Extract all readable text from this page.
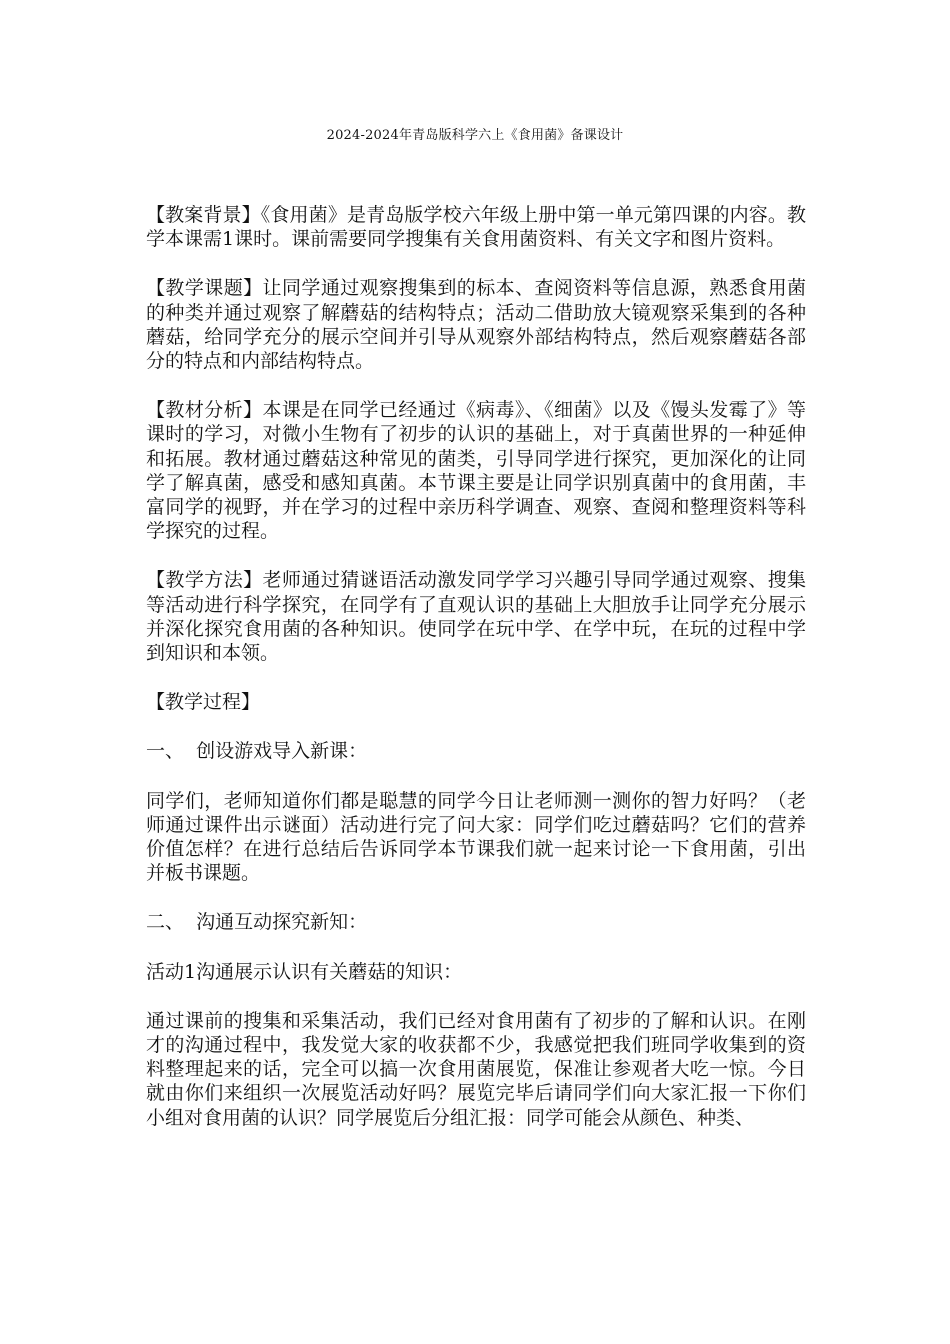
2024-2024年青岛版科学六上《食用菌》备课设计

【教案背景】《食用菌》是青岛版学校六年级上册中第一单元第四课的内容。教学本课需1课时。课前需要同学搜集有关食用菌资料、有关文字和图片资料。

【教学课题】让同学通过观察搜集到的标本、查阅资料等信息源，熟悉食用菌的种类并通过观察了解蘑菇的结构特点；活动二借助放大镜观察采集到的各种蘑菇，给同学充分的展示空间并引导从观察外部结构特点，然后观察蘑菇各部分的特点和内部结构特点。

【教材分析】本课是在同学已经通过《病毒》、《细菌》以及《馒头发霉了》等课时的学习，对微小生物有了初步的认识的基础上，对于真菌世界的一种延伸和拓展。教材通过蘑菇这种常见的菌类，引导同学进行探究，更加深化的让同学了解真菌，感受和感知真菌。本节课主要是让同学识别真菌中的食用菌，丰富同学的视野，并在学习的过程中亲历科学调查、观察、查阅和整理资料等科学探究的过程。

【教学方法】老师通过猜谜语活动激发同学学习兴趣引导同学通过观察、搜集等活动进行科学探究，在同学有了直观认识的基础上大胆放手让同学充分展示并深化探究食用菌的各种知识。使同学在玩中学、在学中玩，在玩的过程中学到知识和本领。

【教学过程】

一、  创设游戏导入新课：

同学们，老师知道你们都是聪慧的同学今日让老师测一测你的智力好吗？（老师通过课件出示谜面）活动进行完了问大家：同学们吃过蘑菇吗？它们的营养价值怎样？在进行总结后告诉同学本节课我们就一起来讨论一下食用菌，引出并板书课题。

二、  沟通互动探究新知：

活动1沟通展示认识有关蘑菇的知识：

通过课前的搜集和采集活动，我们已经对食用菌有了初步的了解和认识。在刚才的沟通过程中，我发觉大家的收获都不少，我感觉把我们班同学收集到的资料整理起来的话，完全可以搞一次食用菌展览，保准让参观者大吃一惊。今日就由你们来组织一次展览活动好吗？展览完毕后请同学们向大家汇报一下你们小组对食用菌的认识？同学展览后分组汇报：同学可能会从颜色、种类、
